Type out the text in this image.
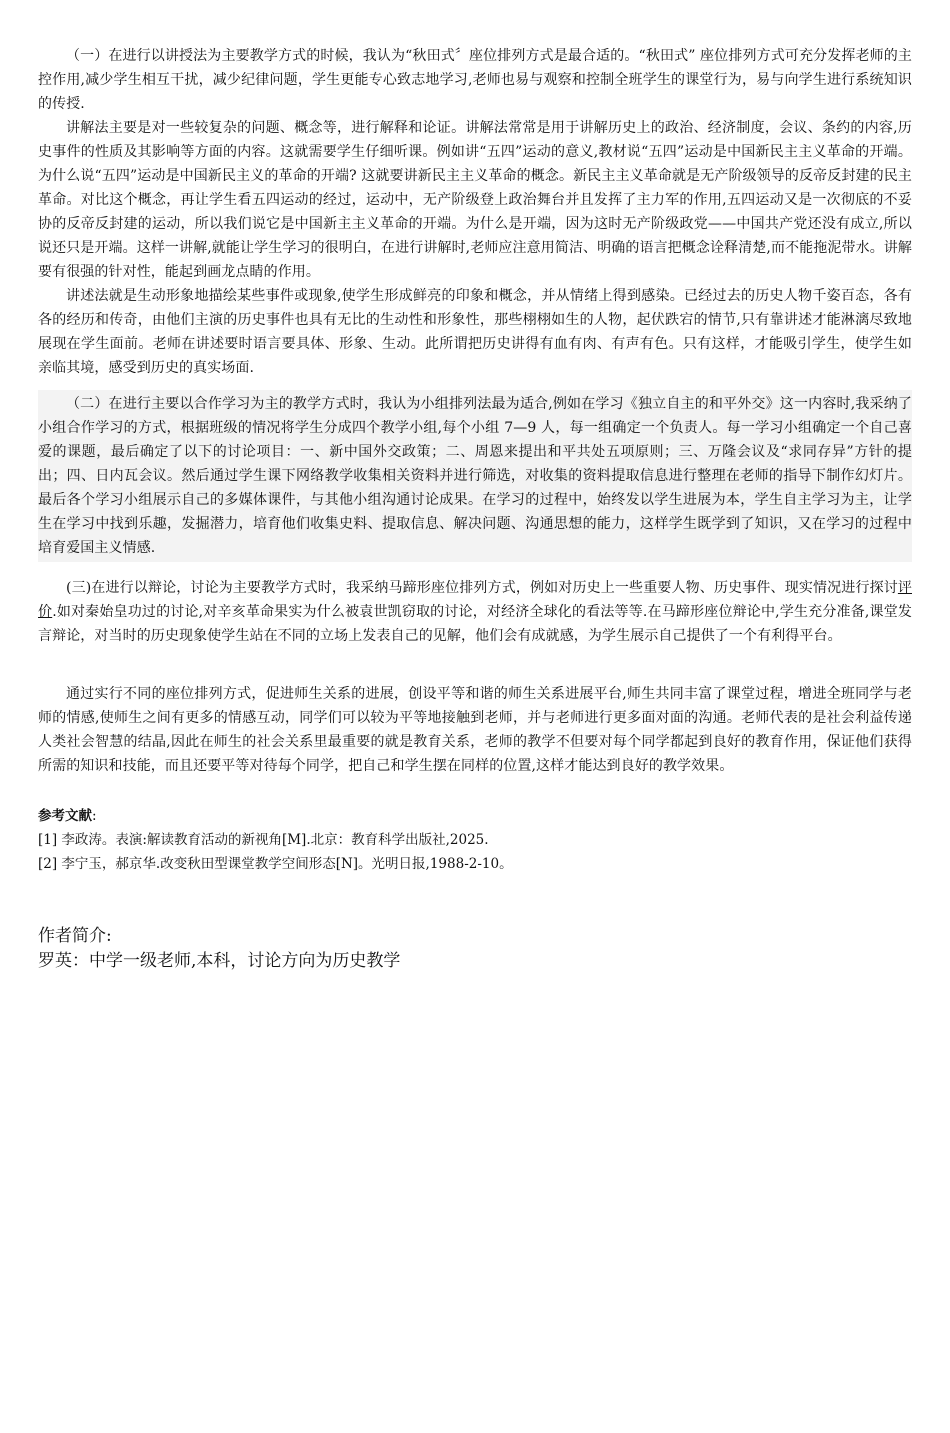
（一）在进行以讲授法为主要教学方式的时候，我认为“秋田式〞座位排列方式是最合适的。“秋田式” 座位排列方式可充分发挥老师的主控作用,减少学生相互干扰，减少纪律问题，学生更能专心致志地学习,老师也易与观察和控制全班学生的课堂行为，易与向学生进行系统知识的传授.

讲解法主要是对一些较复杂的问题、概念等，进行解释和论证。讲解法常常是用于讲解历史上的政治、经济制度，会议、条约的内容,历史事件的性质及其影响等方面的内容。这就需要学生仔细听课。例如讲“五四”运动的意义,教材说“五四”运动是中国新民主主义革命的开端。为什么说“五四”运动是中国新民主义的革命的开端? 这就要讲新民主主义革命的概念。新民主主义革命就是无产阶级领导的反帝反封建的民主革命。对比这个概念，再让学生看五四运动的经过，运动中，无产阶级登上政治舞台并且发挥了主力军的作用,五四运动又是一次彻底的不妥协的反帝反封建的运动，所以我们说它是中国新主主义革命的开端。为什么是开端，因为这时无产阶级政党——中国共产党还没有成立,所以说还只是开端。这样一讲解,就能让学生学习的很明白，在进行讲解时,老师应注意用简洁、明确的语言把概念诠释清楚,而不能拖泥带水。讲解要有很强的针对性，能起到画龙点睛的作用。

讲述法就是生动形象地描绘某些事件或现象,使学生形成鲜亮的印象和概念，并从情绪上得到感染。已经过去的历史人物千姿百态，各有各的经历和传奇，由他们主演的历史事件也具有无比的生动性和形象性，那些栩栩如生的人物，起伏跌宕的情节,只有靠讲述才能淋漓尽致地展现在学生面前。老师在讲述要时语言要具体、形象、生动。此所谓把历史讲得有血有肉、有声有色。只有这样，才能吸引学生，使学生如亲临其境，感受到历史的真实场面.

（二）在进行主要以合作学习为主的教学方式时，我认为小组排列法最为适合,例如在学习《独立自主的和平外交》这一内容时,我采纳了小组合作学习的方式，根据班级的情况将学生分成四个教学小组,每个小组 7—9 人，每一组确定一个负责人。每一学习小组确定一个自己喜爱的课题，最后确定了以下的讨论项目：一、新中国外交政策；二、周恩来提出和平共处五项原则；三、万隆会议及“求同存异”方针的提出；四、日内瓦会议。然后通过学生课下网络教学收集相关资料并进行筛选，对收集的资料提取信息进行整理在老师的指导下制作幻灯片。最后各个学习小组展示自己的多媒体课件，与其他小组沟通讨论成果。在学习的过程中，始终发以学生进展为本，学生自主学习为主，让学生在学习中找到乐趣，发掘潜力，培育他们收集史料、提取信息、解决问题、沟通思想的能力，这样学生既学到了知识，又在学习的过程中培育爱国主义情感.

(三)在进行以辩论，讨论为主要教学方式时，我采纳马蹄形座位排列方式，例如对历史上一些重要人物、历史事件、现实情况进行探讨评价.如对秦始皇功过的讨论,对辛亥革命果实为什么被袁世凯窃取的讨论，对经济全球化的看法等等.在马蹄形座位辩论中,学生充分准备,课堂发言辩论，对当时的历史现象使学生站在不同的立场上发表自己的见解，他们会有成就感，为学生展示自己提供了一个有利得平台。

通过实行不同的座位排列方式，促进师生关系的进展，创设平等和谐的师生关系进展平台,师生共同丰富了课堂过程，增进全班同学与老师的情感,使师生之间有更多的情感互动，同学们可以较为平等地接触到老师，并与老师进行更多面对面的沟通。老师代表的是社会利益传递人类社会智慧的结晶,因此在师生的社会关系里最重要的就是教育关系，老师的教学不但要对每个同学都起到良好的教育作用，保证他们获得所需的知识和技能，而且还要平等对待每个同学，把自己和学生摆在同样的位置,这样才能达到良好的教学效果。

参考文献:

[1] 李政涛。表演:解读教育活动的新视角[M].北京：教育科学出版社,2025.

[2] 李宁玉，郝京华.改变秋田型课堂教学空间形态[N]。光明日报,1988-2-10。

作者简介:

罗英：中学一级老师,本科，讨论方向为历史教学
